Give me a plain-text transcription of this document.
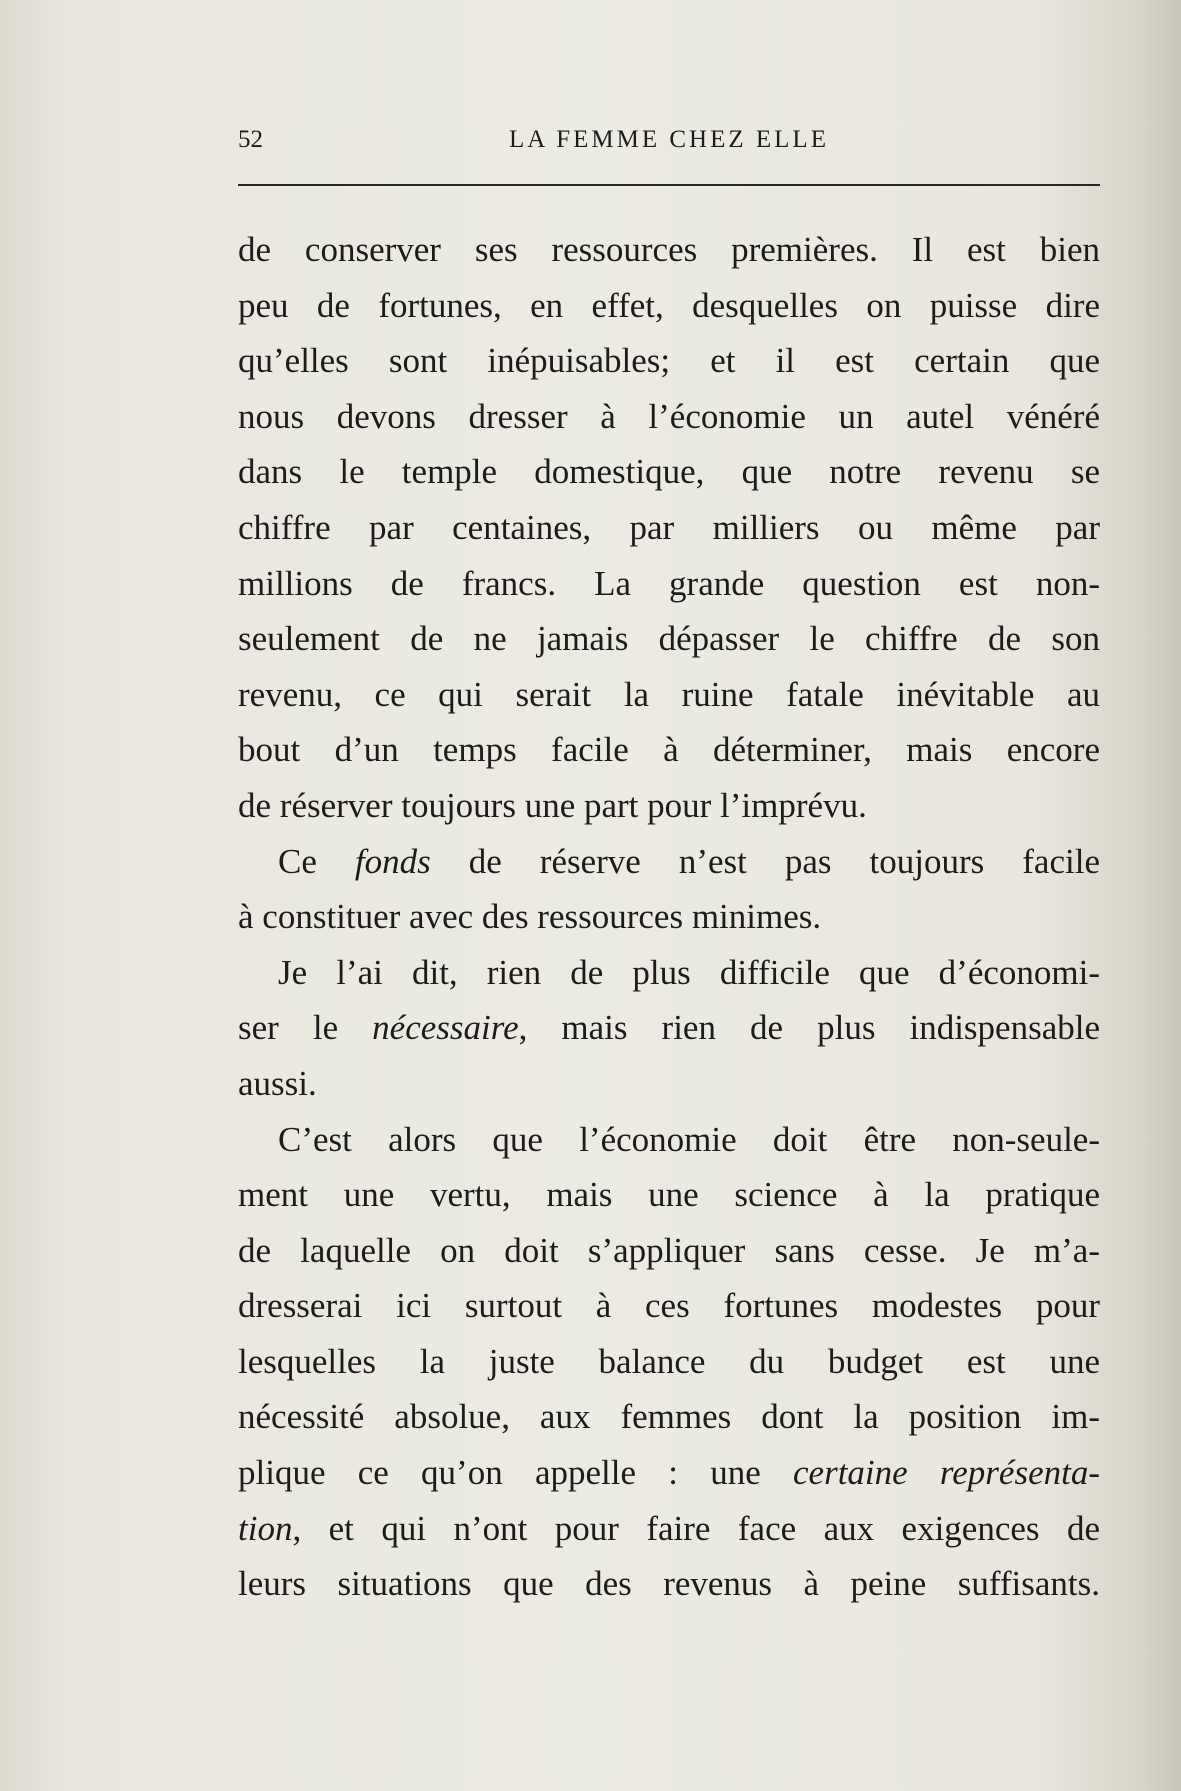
52	LA FEMME CHEZ ELLE
de conserver ses ressources premières. Il est bien
peu de fortunes, en effet, desquelles on puisse dire
qu’elles sont inépuisables; et il est certain que
nous devons dresser à l’économie un autel vénéré
dans le temple domestique, que notre revenu se
chiffre par centaines, par milliers ou même par
millions de francs. La grande question est non-
seulement de ne jamais dépasser le chiffre de son
revenu, ce qui serait la ruine fatale inévitable au
bout d’un temps facile à déterminer, mais encore
de réserver toujours une part pour l’imprévu.
Ce fonds de réserve n’est pas toujours facile
à constituer avec des ressources minimes.
Je l’ai dit, rien de plus difficile que d’économi-
ser le nécessaire, mais rien de plus indispensable
aussi.
C’est alors que l’économie doit être non-seule-
ment une vertu, mais une science à la pratique
de laquelle on doit s’appliquer sans cesse. Je m’a-
dresserai ici surtout à ces fortunes modestes pour
lesquelles la juste balance du budget est une
nécessité absolue, aux femmes dont la position im-
plique ce qu’on appelle : une certaine représenta-
tion, et qui n’ont pour faire face aux exigences de
leurs situations que des revenus à peine suffisants.
